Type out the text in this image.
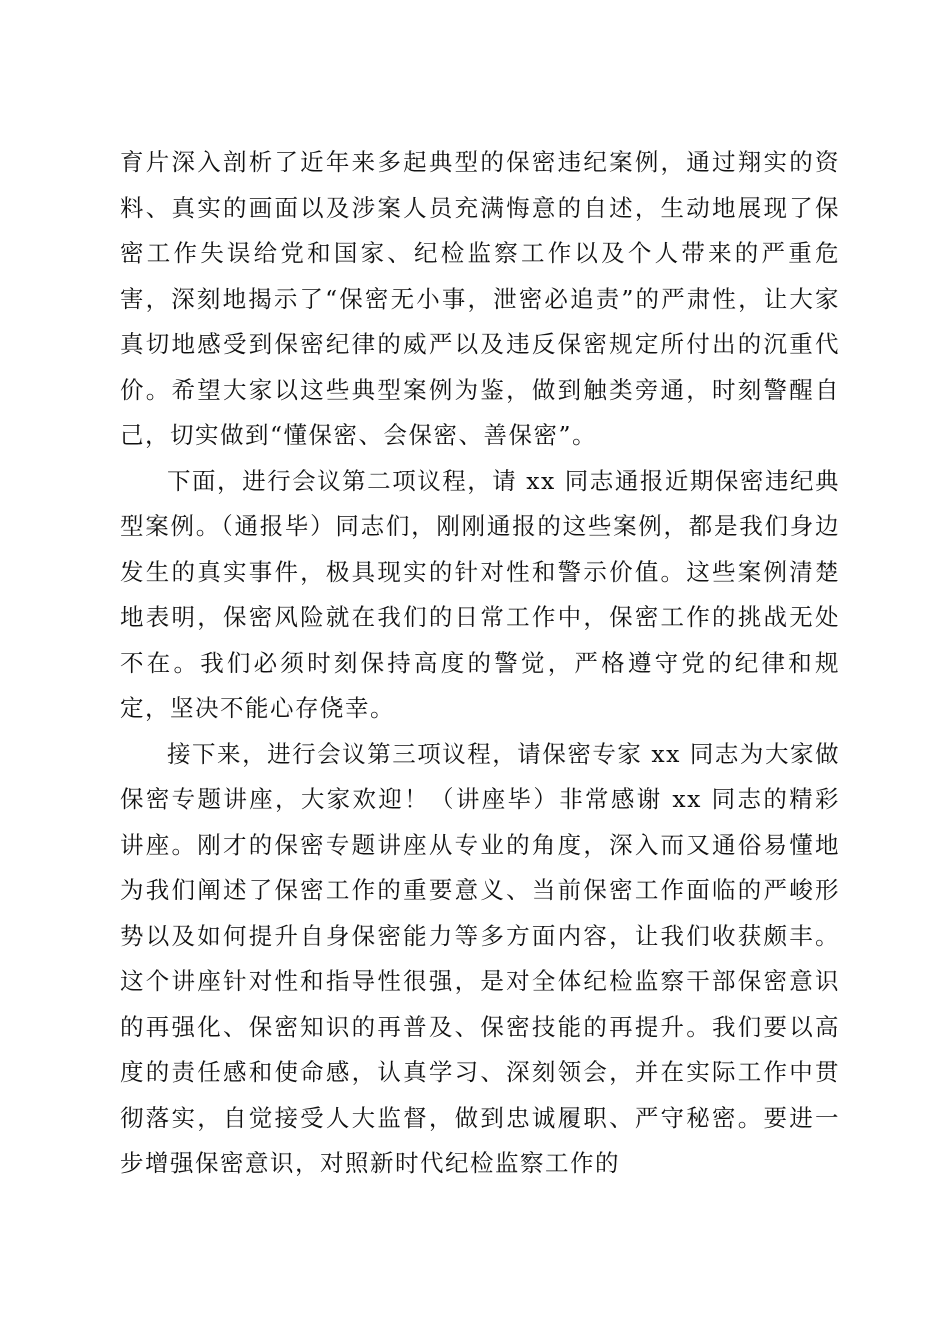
育片深入剖析了近年来多起典型的保密违纪案例，通过翔实的资料、真实的画面以及涉案人员充满悔意的自述，生动地展现了保密工作失误给党和国家、纪检监察工作以及个人带来的严重危害，深刻地揭示了“保密无小事，泄密必追责”的严肃性，让大家真切地感受到保密纪律的威严以及违反保密规定所付出的沉重代价。希望大家以这些典型案例为鉴，做到触类旁通，时刻警醒自己，切实做到“懂保密、会保密、善保密”。

下面，进行会议第二项议程，请 xx 同志通报近期保密违纪典型案例。（通报毕）同志们，刚刚通报的这些案例，都是我们身边发生的真实事件，极具现实的针对性和警示价值。这些案例清楚地表明，保密风险就在我们的日常工作中，保密工作的挑战无处不在。我们必须时刻保持高度的警觉，严格遵守党的纪律和规定，坚决不能心存侥幸。

接下来，进行会议第三项议程，请保密专家 xx 同志为大家做保密专题讲座，大家欢迎！（讲座毕）非常感谢 xx 同志的精彩讲座。刚才的保密专题讲座从专业的角度，深入而又通俗易懂地为我们阐述了保密工作的重要意义、当前保密工作面临的严峻形势以及如何提升自身保密能力等多方面内容，让我们收获颇丰。这个讲座针对性和指导性很强，是对全体纪检监察干部保密意识的再强化、保密知识的再普及、保密技能的再提升。我们要以高度的责任感和使命感，认真学习、深刻领会，并在实际工作中贯彻落实，自觉接受人大监督，做到忠诚履职、严守秘密。要进一步增强保密意识，对照新时代纪检监察工作的
